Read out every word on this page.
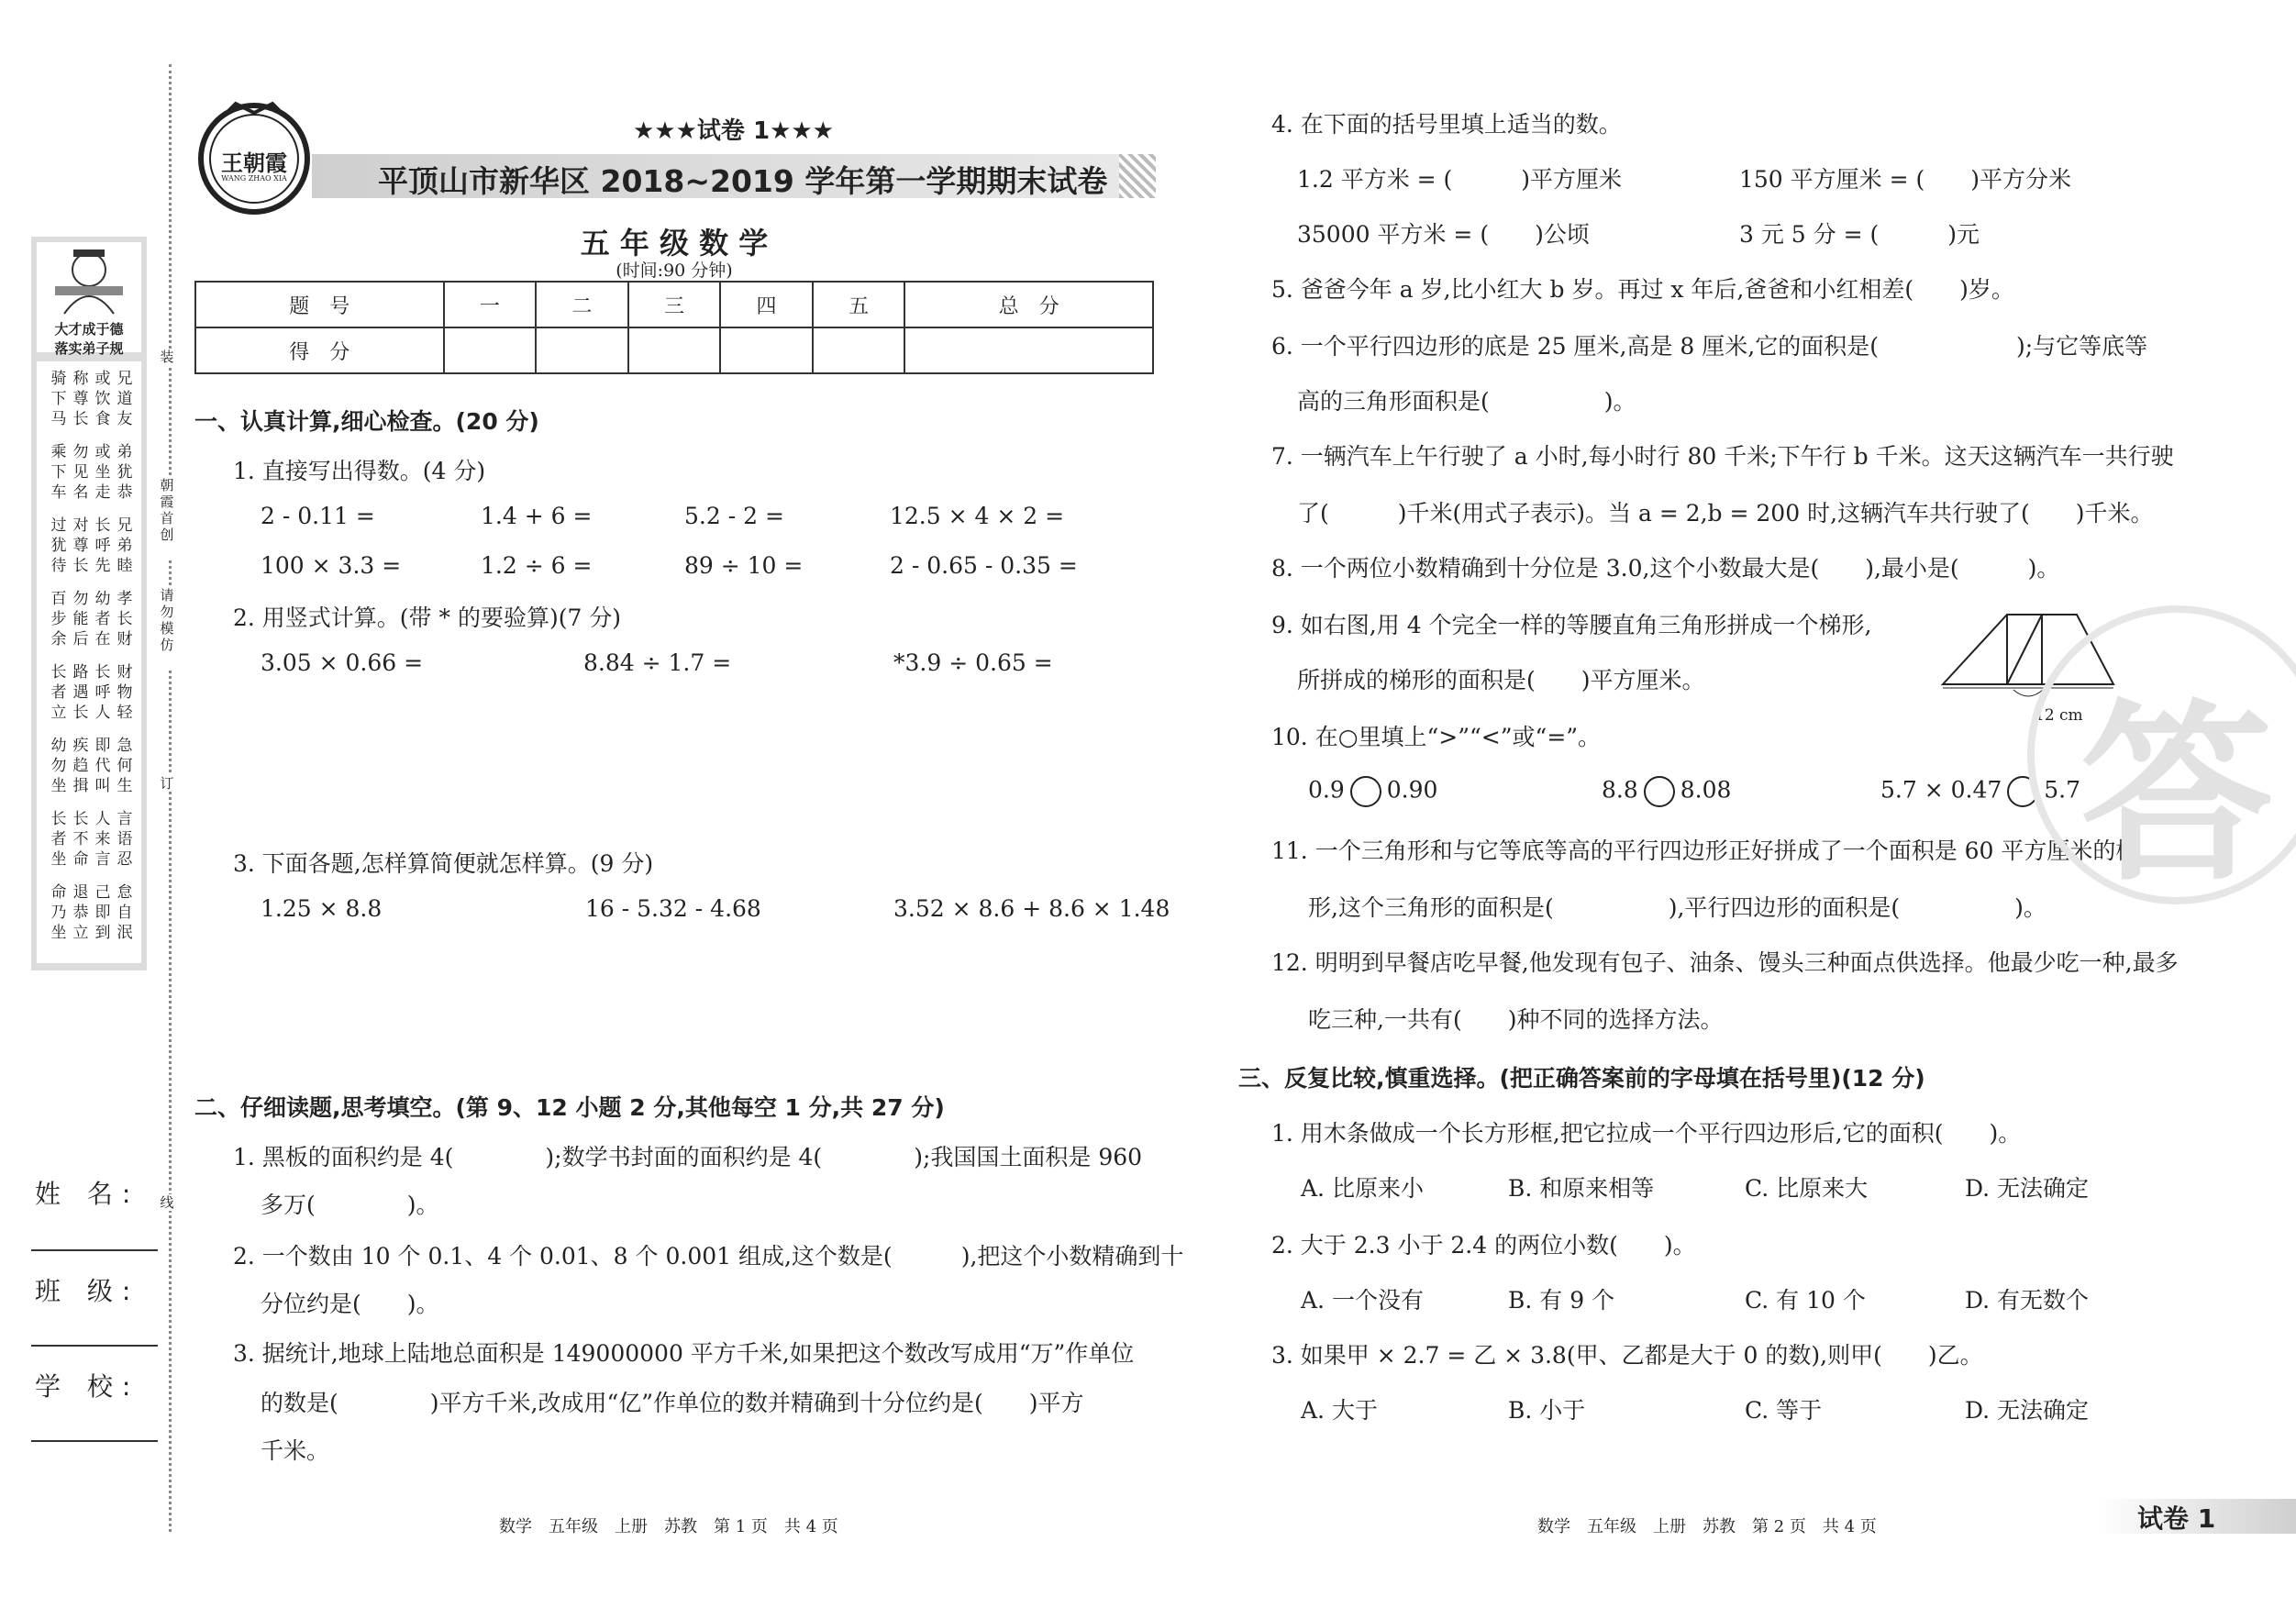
大才成于德
落实弟子规
骑下马
称尊长
或饮食
兄道友
乘下车
勿见名
或坐走
弟犹恭
过犹待
对尊长
长呼先
兄弟睦
百步余
勿能后
幼者在
孝长财
长者立
路遇长
长呼人
财物轻
幼勿坐
疾趋揖
即代叫
急何生
长者坐
长不命
人来言
言语忍
命乃坐
退恭立
己即到
怠自泯
装
朝霞首创
请勿模仿
订
线
姓 名:
班 级:
学 校:
王朝霞
WANG ZHAO XIA
★★★试卷 1★★★
平顶山市新华区 2018~2019 学年第一学期期末试卷
五 年 级 数 学
(时间:90 分钟)
题　号	一	二	三	四	五	总　分
得　分						
一、认真计算,细心检查。(20 分)
1. 直接写出得数。(4 分)
2 - 0.11 =	1.4 + 6 =	5.2 - 2 =	12.5 × 4 × 2 =
100 × 3.3 =	1.2 ÷ 6 =	89 ÷ 10 =	2 - 0.65 - 0.35 =
2. 用竖式计算。(带 * 的要验算)(7 分)
3.05 × 0.66 =	8.84 ÷ 1.7 =	*3.9 ÷ 0.65 =
3. 下面各题,怎样算简便就怎样算。(9 分)
1.25 × 8.8	16 - 5.32 - 4.68	3.52 × 8.6 + 8.6 × 1.48
二、仔细读题,思考填空。(第 9、12 小题 2 分,其他每空 1 分,共 27 分)
1. 黑板的面积约是 4(　　　　);数学书封面的面积约是 4(　　　　);我国国土面积是 960
多万(　　　　)。
2. 一个数由 10 个 0.1、4 个 0.01、8 个 0.001 组成,这个数是(　　　),把这个小数精确到十
分位约是(　　)。
3. 据统计,地球上陆地总面积是 149000000 平方千米,如果把这个数改写成用“万”作单位
的数是(　　　　)平方千米,改成用“亿”作单位的数并精确到十分位约是(　　)平方
千米。
4. 在下面的括号里填上适当的数。
1.2 平方米 = (　　　)平方厘米	150 平方厘米 = (　　)平方分米
35000 平方米 = (　　)公顷	3 元 5 分 = (　　　)元
5. 爸爸今年 a 岁,比小红大 b 岁。再过 x 年后,爸爸和小红相差(　　)岁。
6. 一个平行四边形的底是 25 厘米,高是 8 厘米,它的面积是(　　　　　　);与它等底等
高的三角形面积是(　　　　　)。
7. 一辆汽车上午行驶了 a 小时,每小时行 80 千米;下午行 b 千米。这天这辆汽车一共行驶
了(　　　)千米(用式子表示)。当 a = 2,b = 200 时,这辆汽车共行驶了(　　)千米。
8. 一个两位小数精确到十分位是 3.0,这个小数最大是(　　),最小是(　　　)。
9. 如右图,用 4 个完全一样的等腰直角三角形拼成一个梯形,
所拼成的梯形的面积是(　　)平方厘米。
12 cm
10. 在○里填上“>”“<”或“=”。
0.9 0.90	8.8 8.08	5.7 × 0.47 5.7
11. 一个三角形和与它等底等高的平行四边形正好拼成了一个面积是 60 平方厘米的梯
形,这个三角形的面积是(　　　　　),平行四边形的面积是(　　　　　)。
12. 明明到早餐店吃早餐,他发现有包子、油条、馒头三种面点供选择。他最少吃一种,最多
吃三种,一共有(　　)种不同的选择方法。
三、反复比较,慎重选择。(把正确答案前的字母填在括号里)(12 分)
1. 用木条做成一个长方形框,把它拉成一个平行四边形后,它的面积(　　)。
A. 比原来小	B. 和原来相等	C. 比原来大	D. 无法确定
2. 大于 2.3 小于 2.4 的两位小数(　　)。
A. 一个没有	B. 有 9 个	C. 有 10 个	D. 有无数个
3. 如果甲 × 2.7 = 乙 × 3.8(甲、乙都是大于 0 的数),则甲(　　)乙。
A. 大于	B. 小于	C. 等于	D. 无法确定
答
数学　五年级　上册　苏教　第 1 页　共 4 页	数学　五年级　上册　苏教　第 2 页　共 4 页	试卷 1
